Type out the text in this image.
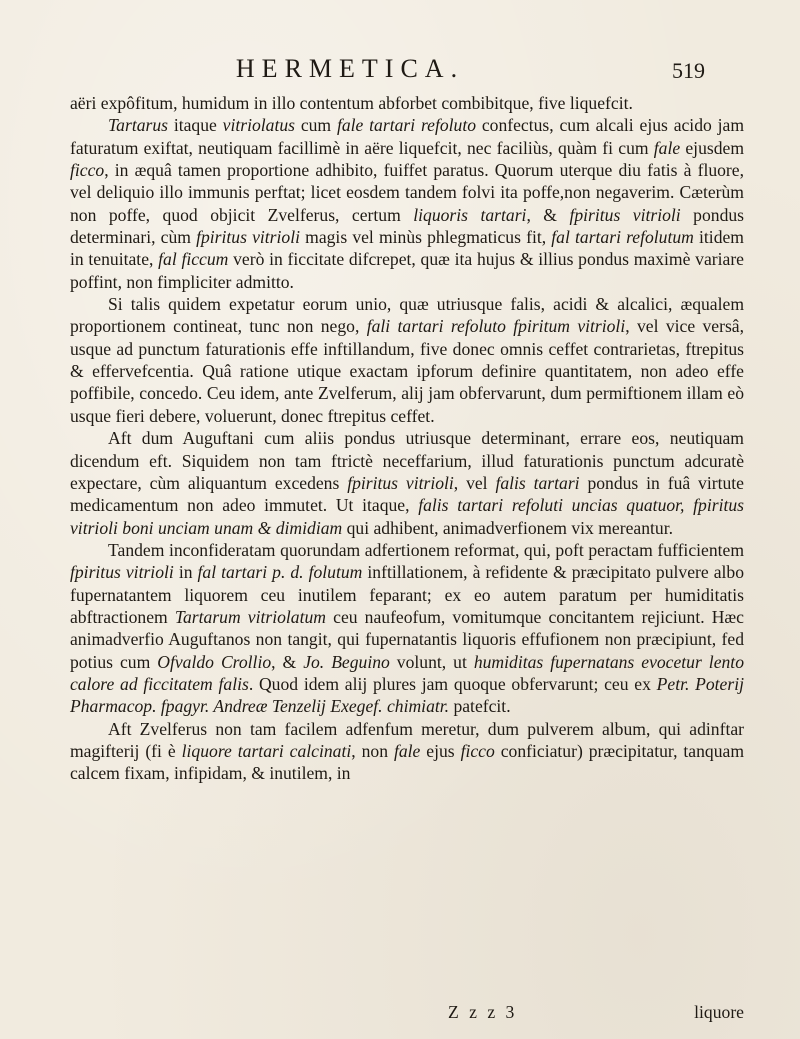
HERMETICA.	519

aëri expôfitum, humidum in illo contentum abforbet combibitque, five liquefcit.

Tartarus itaque vitriolatus cum fale tartari refoluto confectus, cum alcali ejus acido jam faturatum exiftat, neutiquam facillimè in aëre liquefcit, nec faciliùs, quàm fi cum fale ejusdem ficco, in æquâ tamen proportione adhibito, fuiffet paratus. Quorum uterque diu fatis à fluore, vel deliquio illo immunis perftat; licet eosdem tandem folvi ita poffe,non negaverim. Cæterùm non poffe, quod objicit Zvelferus, certum liquoris tartari, & fpiritus vitrioli pondus determinari, cùm fpiritus vitrioli magis vel minùs phlegmaticus fit, fal tartari refolutum itidem in tenuitate, fal ficcum verò in ficcitate difcrepet, quæ ita hujus & illius pondus maximè variare poffint, non fimpliciter admitto.

Si talis quidem expetatur eorum unio, quæ utriusque falis, acidi & alcalici, æqualem proportionem contineat, tunc non nego, fali tartari refoluto fpiritum vitrioli, vel vice versâ, usque ad punctum faturationis effe inftillandum, five donec omnis ceffet contrarietas, ftrepitus & effervefcentia. Quâ ratione utique exactam ipforum definire quantitatem, non adeo effe poffibile, concedo. Ceu idem, ante Zvelferum, alij jam obfervarunt, dum permiftionem illam eò usque fieri debere, voluerunt, donec ftrepitus ceffet.

Aft dum Auguftani cum aliis pondus utriusque determinant, errare eos, neutiquam dicendum eft. Siquidem non tam ftrictè neceffarium, illud faturationis punctum adcuratè expectare, cùm aliquantum excedens fpiritus vitrioli, vel falis tartari pondus in fuâ virtute medicamentum non adeo immutet. Ut itaque, falis tartari refoluti uncias quatuor, fpiritus vitrioli boni unciam unam & dimidiam qui adhibent, animadverfionem vix mereantur.

Tandem inconfideratam quorundam adfertionem reformat, qui, poft peractam fufficientem fpiritus vitrioli in fal tartari p. d. folutum inftillationem, à refidente & præcipitato pulvere albo fupernatantem liquorem ceu inutilem feparant; ex eo autem paratum per humiditatis abftractionem Tartarum vitriolatum ceu naufeofum, vomitumque concitantem rejiciunt. Hæc animadverfio Auguftanos non tangit, qui fupernatantis liquoris effufionem non præcipiunt, fed potius cum Ofvaldo Crollio, & Jo. Beguino volunt, ut humiditas fupernatans evocetur lento calore ad ficcitatem falis. Quod idem alij plures jam quoque obfervarunt; ceu ex Petr. Poterij Pharmacop. fpagyr. Andreæ Tenzelij Exegef. chimiatr. patefcit.

Aft Zvelferus non tam facilem adfenfum meretur, dum pulverem album, qui adinftar magifterij (fi è liquore tartari calcinati, non fale ejus ficco conficiatur) præcipitatur, tanquam calcem fixam, infipidam, & inutilem, in

Z z z 3	liquore
